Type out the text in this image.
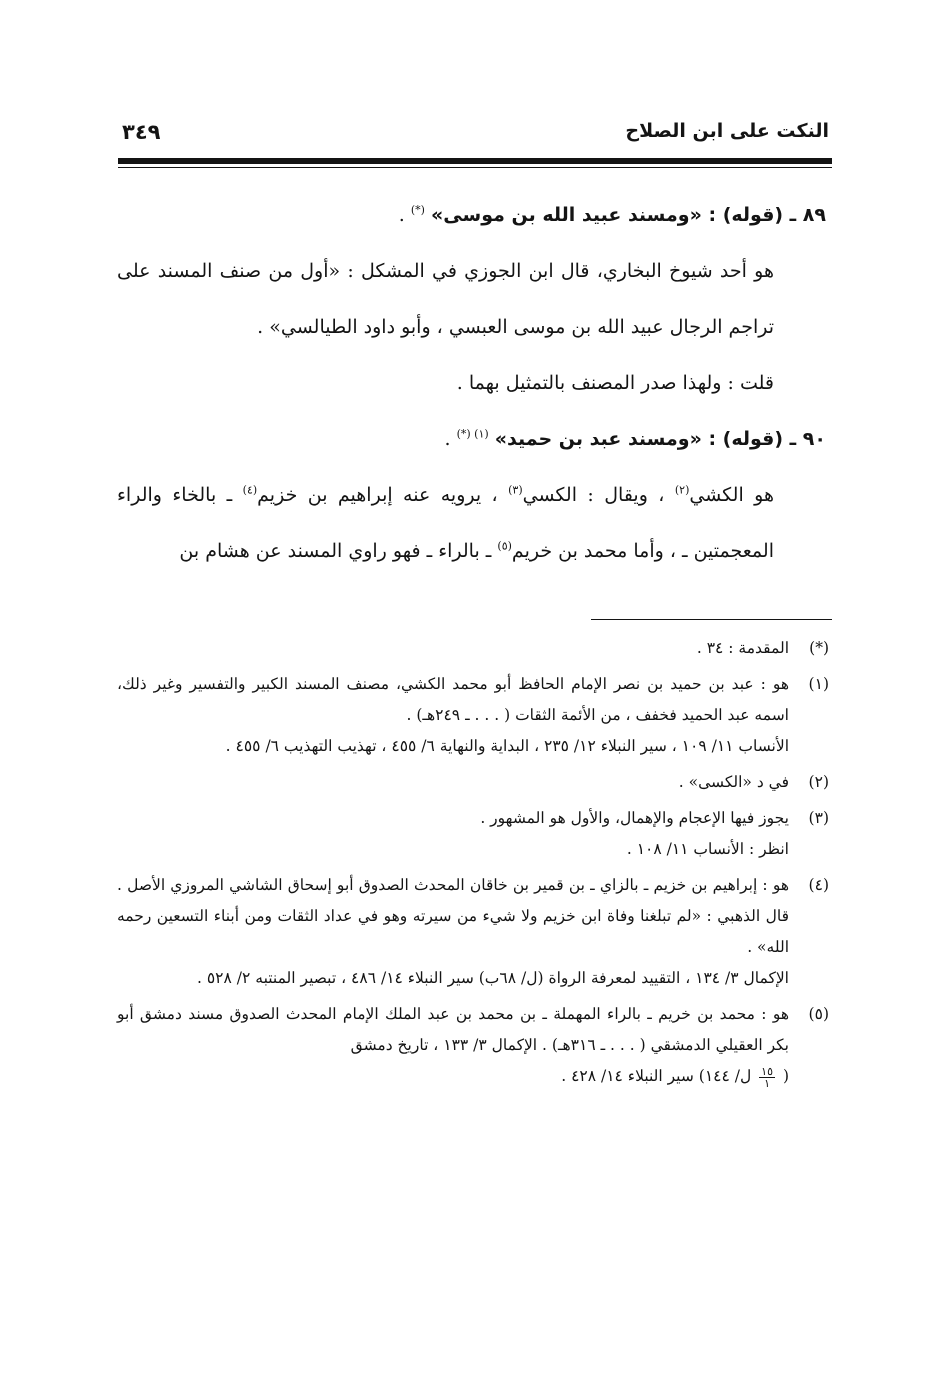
النكت على ابن الصلاح
٣٤٩

٨٩ ـ (قوله) : «ومسند عبيد الله بن موسى» (*) .

هو أحد شيوخ البخاري، قال ابن الجوزي في المشكل : «أول من صنف المسند على تراجم الرجال عبيد الله بن موسى العبسي ، وأبو داود الطيالسي» .

قلت : ولهذا صدر المصنف بالتمثيل بهما .

٩٠ ـ (قوله) : «ومسند عبد بن حميد» $^{(١) (*)}$ .

هو الكشي$^{(٢)}$ ، ويقال : الكسي$^{(٣)}$ ، يرويه عنه إبراهيم بن خزيم$^{(٤)}$ ـ بالخاء والراء المعجمتين ـ ، وأما محمد بن خريم$^{(٥)}$ ـ بالراء ـ فهو راوي المسند عن هشام بن

(*)
المقدمة : ٣٤ .
(١)
هو : عبد بن حميد بن نصر الإمام الحافظ أبو محمد الكشي، مصنف المسند الكبير والتفسير وغير ذلك، اسمه عبد الحميد فخفف ، من الأئمة الثقات ( . . . ـ ٢٤٩هـ) .
الأنساب ١١/ ١٠٩ ، سير النبلاء ١٢/ ٢٣٥ ، البداية والنهاية ٦/ ٤٥٥ ، تهذيب التهذيب ٦/ ٤٥٥ .
(٢)
في د «الكسى» .
(٣)
يجوز فيها الإعجام والإهمال، والأول هو المشهور .
انظر : الأنساب ١١/ ١٠٨ .
(٤)
هو : إبراهيم بن خزيم ـ بالزاي ـ بن قمير بن خاقان المحدث الصدوق أبو إسحاق الشاشي المروزي الأصل . قال الذهبي : «لم تبلغنا وفاة ابن خزيم ولا شيء من سيرته وهو في عداد الثقات ومن أبناء التسعين رحمه الله» .
الإكمال ٣/ ١٣٤ ، التقييد لمعرفة الرواة (ل/ ٦٨ب) سير النبلاء ١٤/ ٤٨٦ ، تبصير المنتبه ٢/ ٥٢٨ .
(٥)
هو : محمد بن خريم ـ بالراء المهملة ـ بن محمد بن عبد الملك الإمام المحدث الصدوق مسند دمشق أبو بكر العقيلي الدمشقي ( . . . ـ ٣١٦هـ) . الإكمال ٣/ ١٣٣ ، تاريخ دمشق
(
$\frac{١٥}{١}$
ل/ ١٤٤) سير النبلاء ١٤/ ٤٢٨ .
